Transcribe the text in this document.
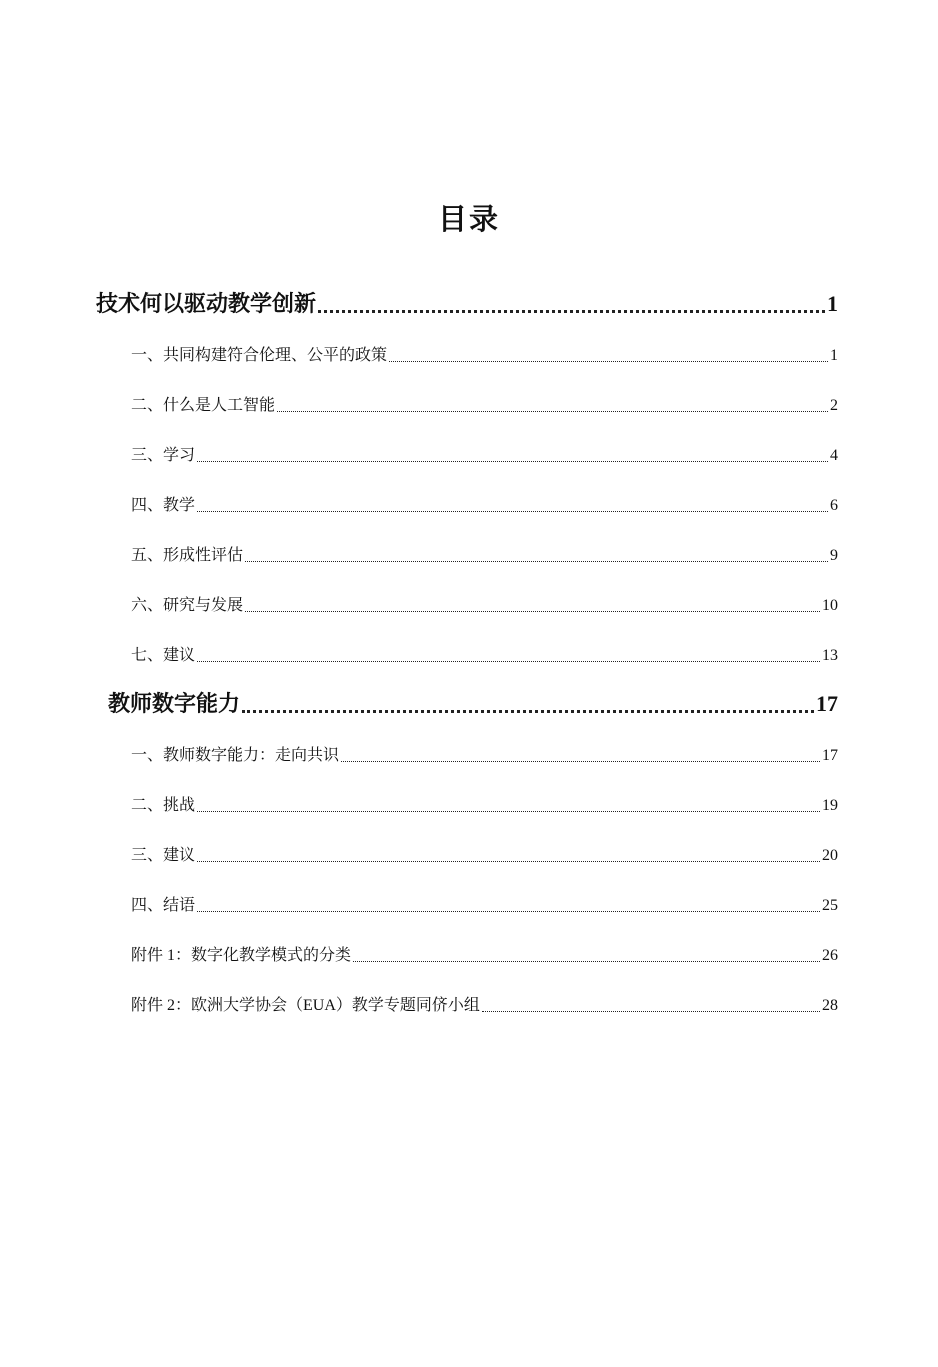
目录
技术何以驱动教学创新	1
一、共同构建符合伦理、公平的政策	1
二、什么是人工智能	2
三、学习	4
四、教学	6
五、形成性评估	9
六、研究与发展	10
七、建议	13
教师数字能力	17
一、教师数字能力：走向共识	17
二、挑战	19
三、建议	20
四、结语	25
附件 1：数字化教学模式的分类	26
附件 2：欧洲大学协会（EUA）教学专题同侪小组	28
